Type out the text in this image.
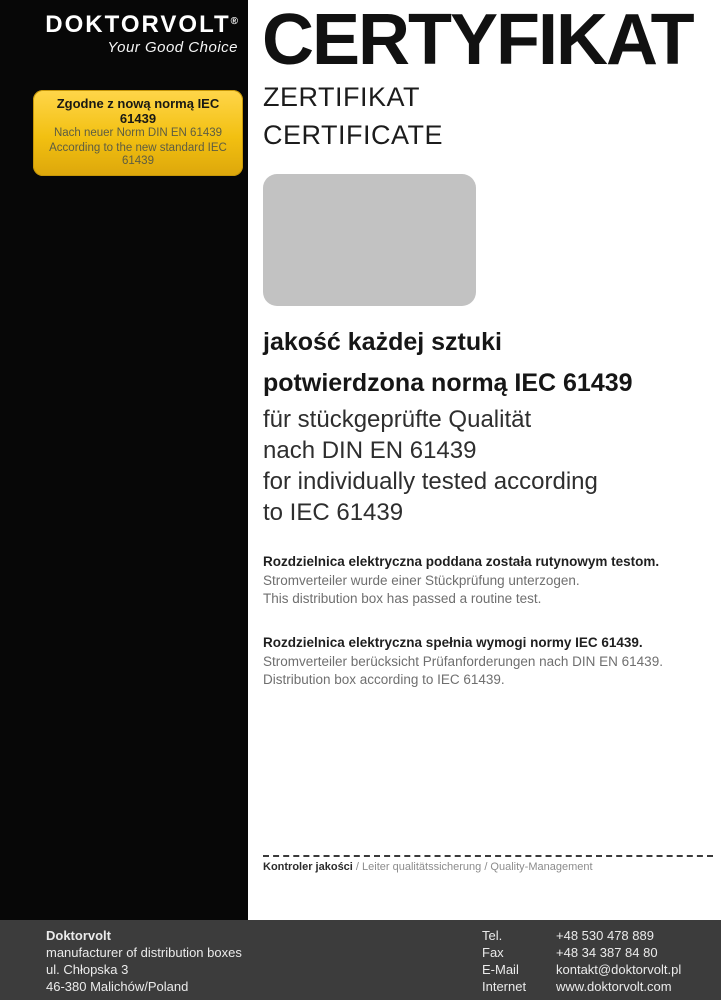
DOKTORVOLT®
Your Good Choice
Zgodne z nową normą IEC 61439
Nach neuer Norm DIN EN 61439
According to the new standard IEC 61439
CERTYFIKAT
ZERTIFIKAT
CERTIFICATE
jakość każdej sztuki
potwierdzona normą IEC 61439
für stückgeprüfte Qualität
nach DIN EN 61439
for individually tested according
to IEC 61439
Rozdzielnica elektryczna poddana została rutynowym testom.
Stromverteiler wurde einer Stückprüfung unterzogen.
This distribution box has passed a routine test.
Rozdzielnica elektryczna spełnia wymogi normy IEC 61439.
Stromverteiler berücksicht Prüfanforderungen nach DIN EN 61439.
Distribution box according to IEC 61439.
Kontroler jakości / Leiter qualitätssicherung / Quality-Management
Doktorvolt
manufacturer of distribution boxes
ul. Chłopska 3
46-380 Malichów/Poland
Tel.	+48 530 478 889
Fax	+48 34 387 84 80
E-Mail	kontakt@doktorvolt.pl
Internet	www.doktorvolt.com
